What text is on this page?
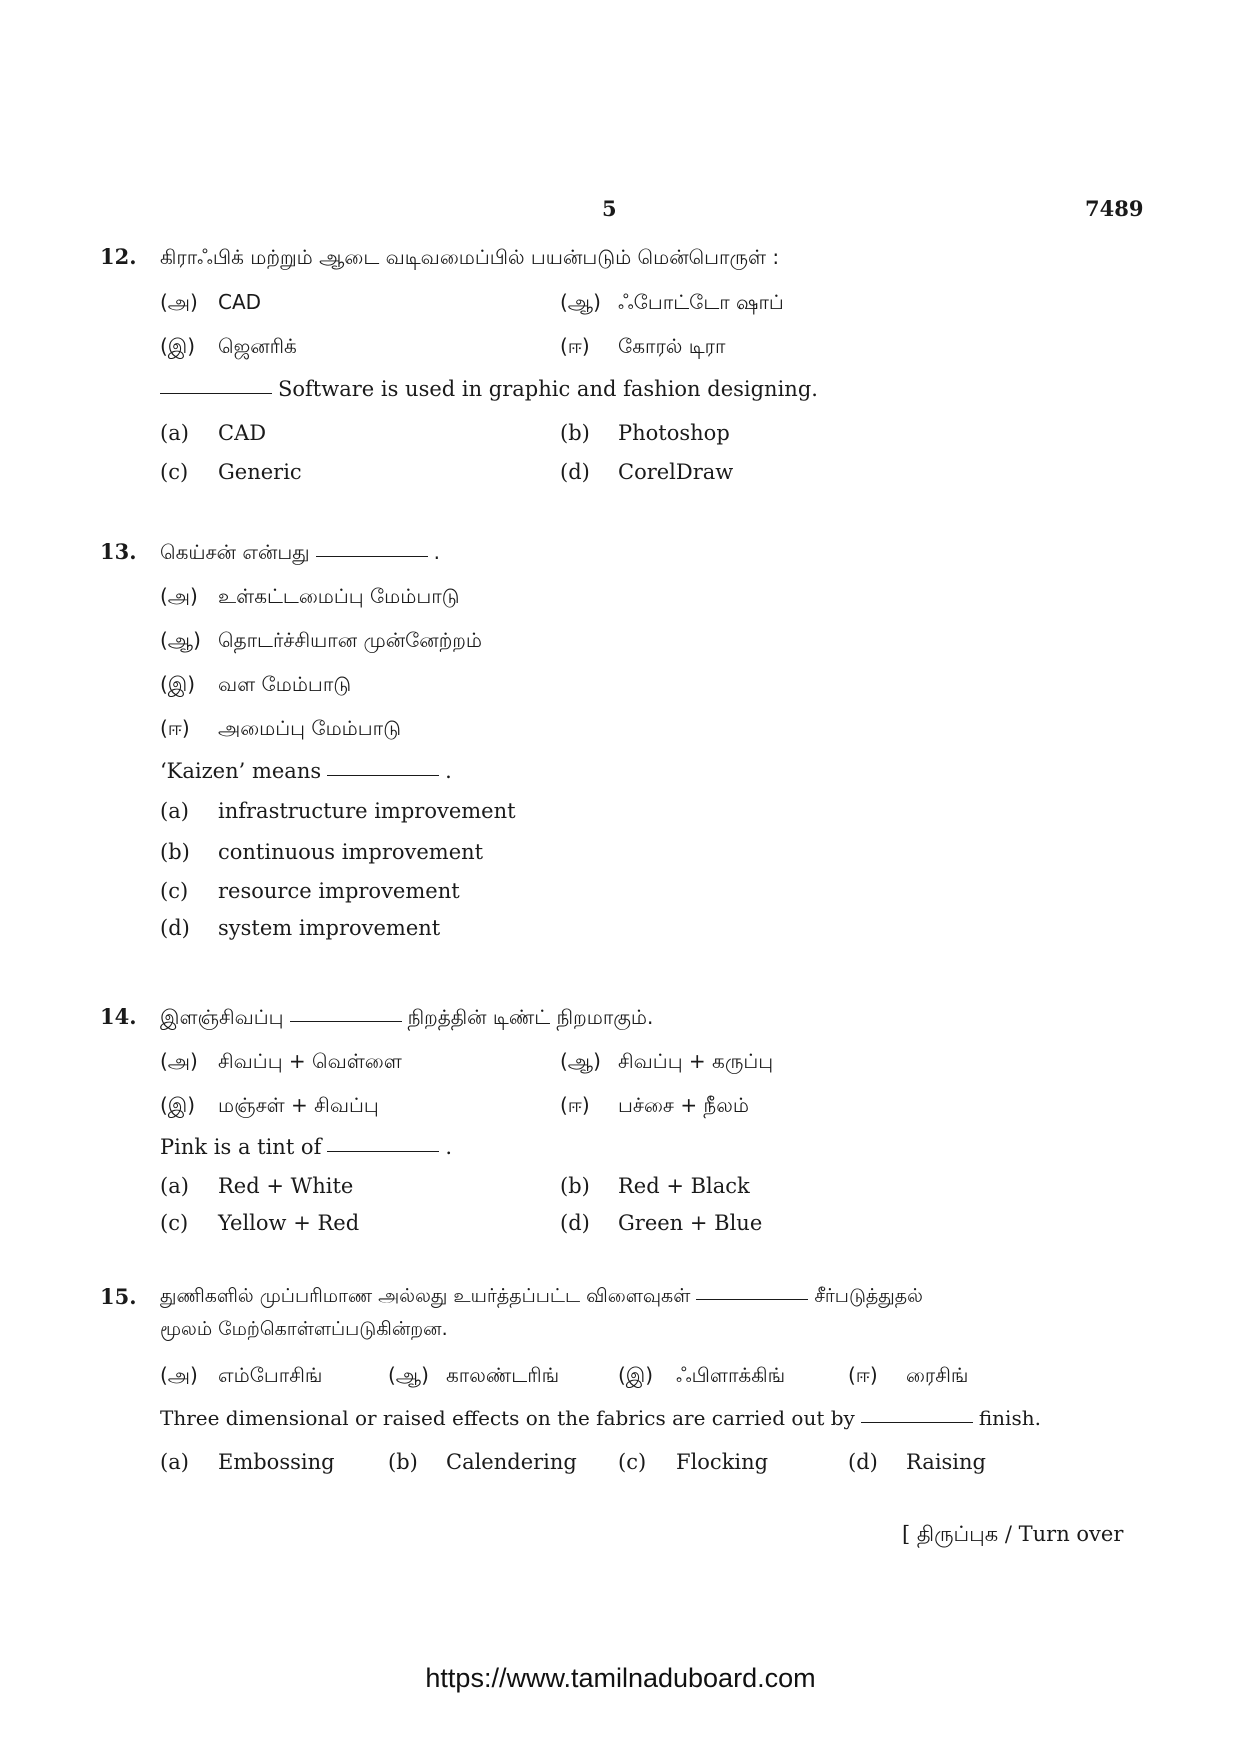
5	7489
12. கிராஃபிக் மற்றும் ஆடை வடிவமைப்பில் பயன்படும் மென்பொருள் :
(அ) CAD	(ஆ) ஃபோட்டோ ஷாப்
(இ) ஜெனரிக்	(ஈ) கோரல் டிரா
Software is used in graphic and fashion designing.
(a) CAD	(b) Photoshop
(c) Generic	(d) CorelDraw
13. கெய்சன் என்பது	.
(அ) உள்கட்டமைப்பு மேம்பாடு
(ஆ) தொடர்ச்சியான முன்னேற்றம்
(இ) வள மேம்பாடு
(ஈ) அமைப்பு மேம்பாடு
‘Kaizen’ means	.
(a) infrastructure improvement
(b) continuous improvement
(c) resource improvement
(d) system improvement
14. இளஞ்சிவப்பு	நிறத்தின் டிண்ட் நிறமாகும்.
(அ) சிவப்பு + வெள்ளை	(ஆ) சிவப்பு + கருப்பு
(இ) மஞ்சள் + சிவப்பு	(ஈ) பச்சை + நீலம்
Pink is a tint of	.
(a) Red + White	(b) Red + Black
(c) Yellow + Red	(d) Green + Blue
15. துணிகளில் முப்பரிமாண அல்லது உயர்த்தப்பட்ட விளைவுகள்	சீர்படுத்துதல்
மூலம் மேற்கொள்ளப்படுகின்றன.
(அ) எம்போசிங்	(ஆ) காலண்டரிங்	(இ) ஃபிளாக்கிங்	(ஈ) ரைசிங்
Three dimensional or raised effects on the fabrics are carried out by	finish.
(a) Embossing	(b) Calendering (c) Flocking	(d) Raising
[ திருப்புக / Turn over
https://www.tamilnaduboard.com
